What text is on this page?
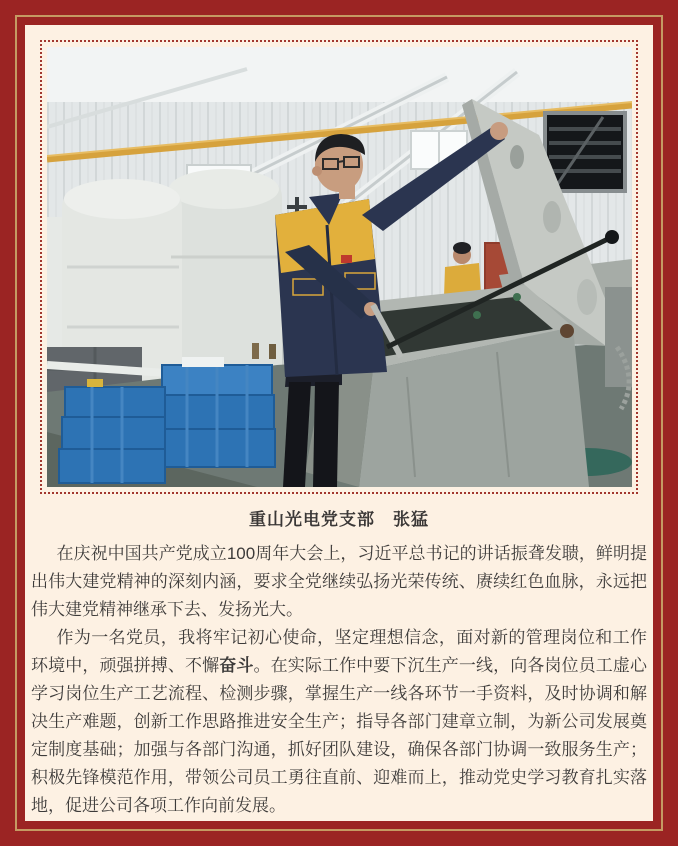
重山光电党支部　张猛

在庆祝中国共产党成立100周年大会上，习近平总书记的讲话振聋发聩，鲜明提出伟大建党精神的深刻内涵，要求全党继续弘扬光荣传统、赓续红色血脉，永远把伟大建党精神继承下去、发扬光大。

作为一名党员，我将牢记初心使命，坚定理想信念，面对新的管理岗位和工作环境中，顽强拼搏、不懈奋斗。在实际工作中要下沉生产一线，向各岗位员工虚心学习岗位生产工艺流程、检测步骤，掌握生产一线各环节一手资料，及时协调和解决生产难题，创新工作思路推进安全生产；指导各部门建章立制，为新公司发展奠定制度基础；加强与各部门沟通，抓好团队建设，确保各部门协调一致服务生产；积极先锋模范作用，带领公司员工勇往直前、迎难而上，推动党史学习教育扎实落地，促进公司各项工作向前发展。
